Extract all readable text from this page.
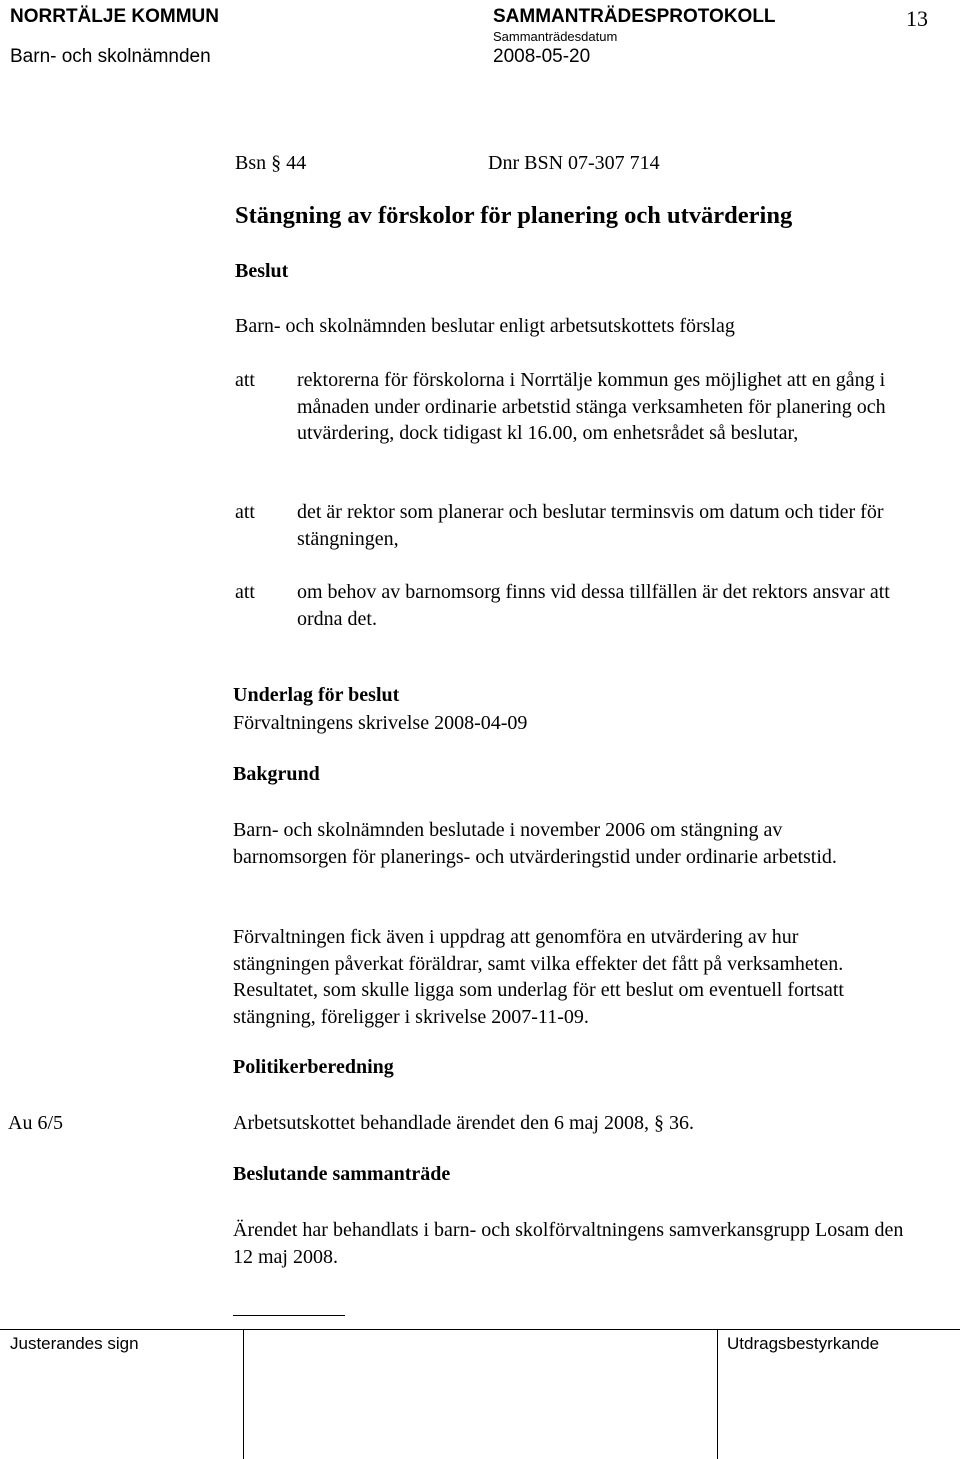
NORRTÄLJE KOMMUN
Barn- och skolnämnden
SAMMANTRÄDESPROTOKOLL
Sammanträdesdatum
2008-05-20
13
Bsn § 44	Dnr BSN 07-307 714
Stängning av förskolor för planering och utvärdering
Beslut
Barn- och skolnämnden beslutar enligt arbetsutskottets förslag
att rektorerna för förskolorna i Norrtälje kommun ges möjlighet att en gång i månaden under ordinarie arbetstid stänga verksamheten för planering och utvärdering, dock tidigast kl 16.00, om enhetsrådet så beslutar,
att det är rektor som planerar och beslutar terminsvis om datum och tider för stängningen,
att om behov av barnomsorg finns vid dessa tillfällen är det rektors ansvar att ordna det.
Underlag för beslut
Förvaltningens skrivelse 2008-04-09
Bakgrund
Barn- och skolnämnden beslutade i november 2006 om stängning av barnomsorgen för planerings- och utvärderingstid under ordinarie arbetstid.
Förvaltningen fick även i uppdrag att genomföra en utvärdering av hur stängningen påverkat föräldrar, samt vilka effekter det fått på verksamheten. Resultatet, som skulle ligga som underlag för ett beslut om eventuell fortsatt stängning, föreligger i skrivelse 2007-11-09.
Politikerberedning
Au 6/5	Arbetsutskottet behandlade ärendet den 6 maj 2008, § 36.
Beslutande sammanträde
Ärendet har behandlats i barn- och skolförvaltningens samverkansgrupp Losam den 12 maj 2008.
Justerandes sign	Utdragsbestyrkande
